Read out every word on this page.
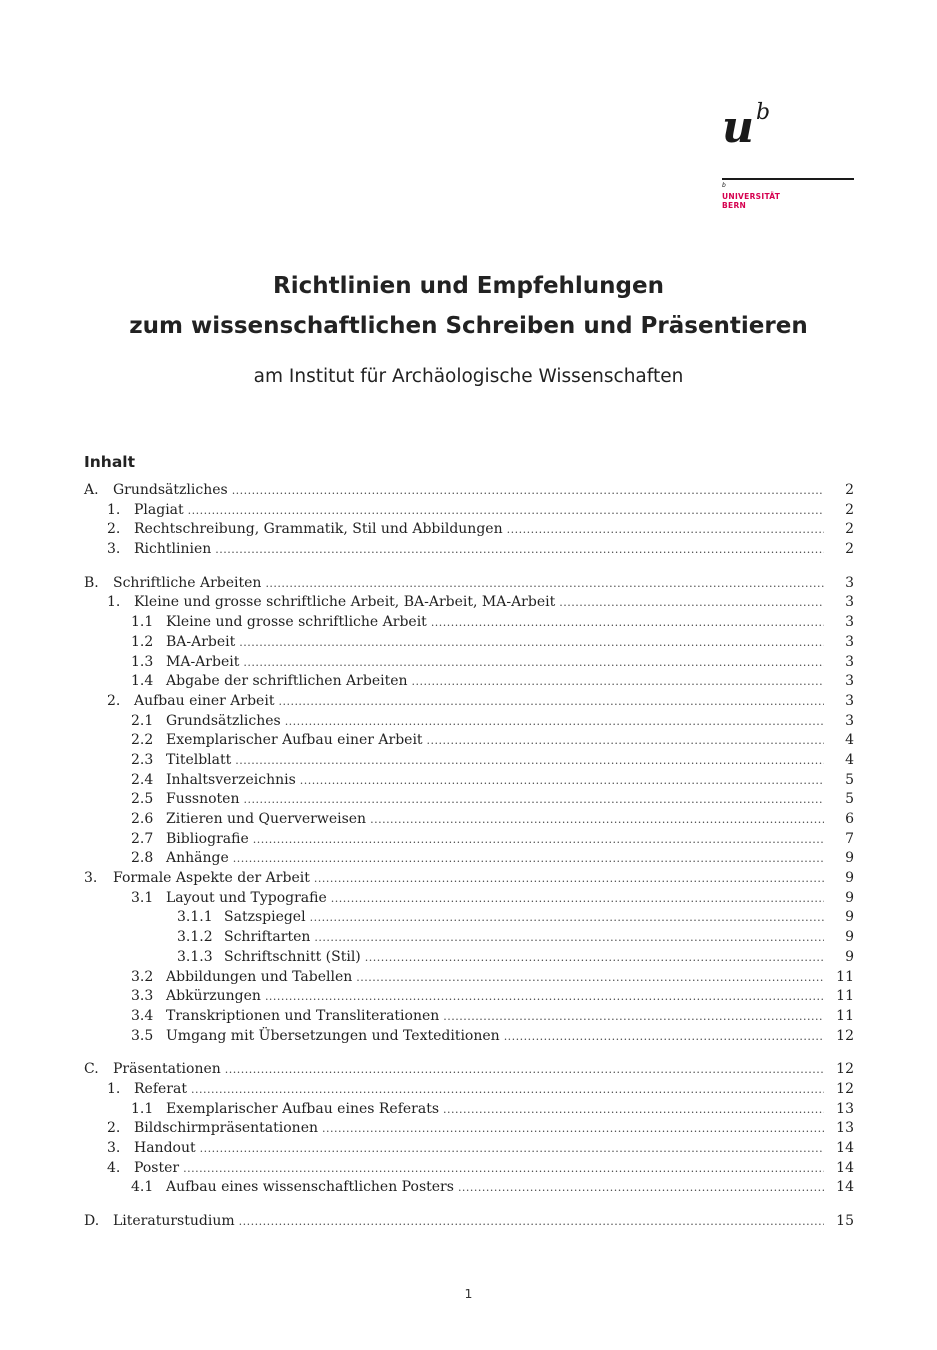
u b
b
UNIVERSITÄT
BERN
Richtlinien und Empfehlungen
zum wissenschaftlichen Schreiben und Präsentieren
am Institut für Archäologische Wissenschaften
Inhalt
A.	Grundsätzliches .....	2
1. Plagiat .....	2
2. Rechtschreibung, Grammatik, Stil und Abbildungen .....	2
3. Richtlinien .....	2
B.	Schriftliche Arbeiten .....	3
1. Kleine und grosse schriftliche Arbeit, BA-Arbeit, MA-Arbeit .....	3
1.1 Kleine und grosse schriftliche Arbeit .....	3
1.2 BA-Arbeit .....	3
1.3 MA-Arbeit .....	3
1.4 Abgabe der schriftlichen Arbeiten .....	3
2. Aufbau einer Arbeit .....	3
2.1 Grundsätzliches .....	3
2.2 Exemplarischer Aufbau einer Arbeit .....	4
2.3 Titelblatt .....	4
2.4 Inhaltsverzeichnis .....	5
2.5 Fussnoten .....	5
2.6 Zitieren und Querverweisen .....	6
2.7 Bibliografie .....	7
2.8 Anhänge .....	9
3.	Formale Aspekte der Arbeit .....	9
3.1 Layout und Typografie .....	9
3.1.1 Satzspiegel .....	9
3.1.2 Schriftarten .....	9
3.1.3 Schriftschnitt (Stil) .....	9
3.2 Abbildungen und Tabellen .....	11
3.3 Abkürzungen .....	11
3.4 Transkriptionen und Transliterationen .....	11
3.5 Umgang mit Übersetzungen und Texteditionen .....	12
C.	Präsentationen .....	12
1. Referat .....	12
1.1 Exemplarischer Aufbau eines Referats .....	13
2. Bildschirmpräsentationen .....	13
3. Handout .....	14
4. Poster .....	14
4.1 Aufbau eines wissenschaftlichen Posters .....	14
D. Literaturstudium .....	15
1
